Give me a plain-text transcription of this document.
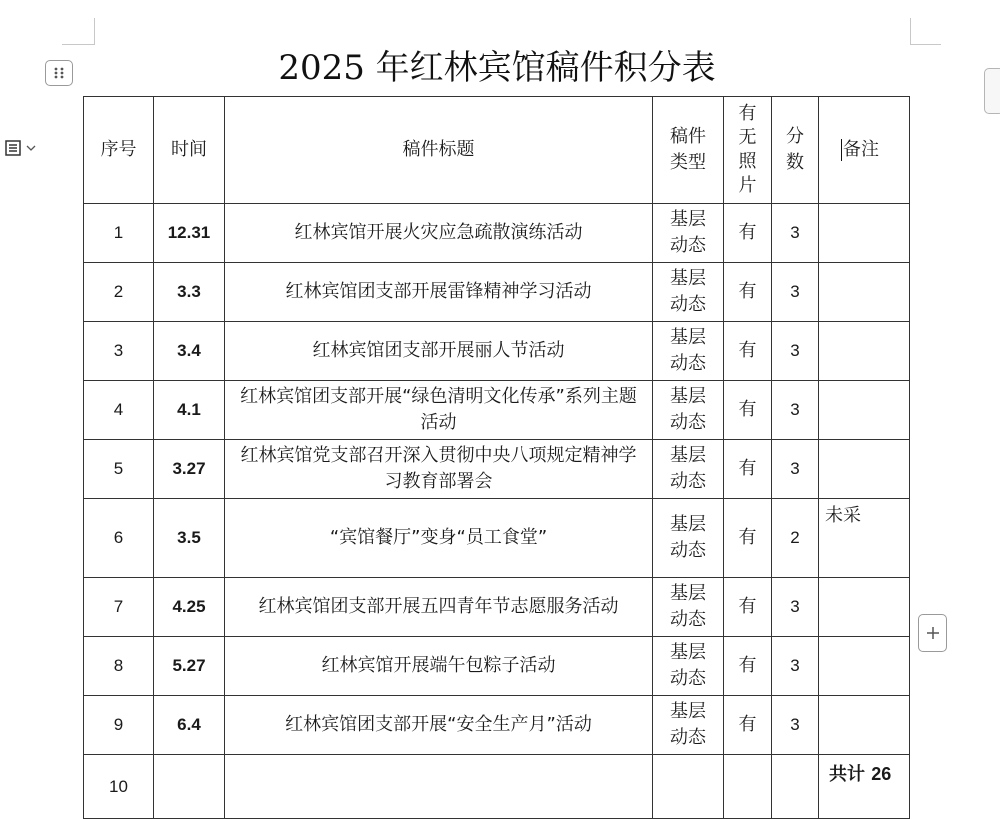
2025 年红林宾馆稿件积分表
序号	时间	稿件标题	稿件类型	有无照片	分数	备注
1	12.31	红林宾馆开展火灾应急疏散演练活动	基层动态	有	3	
2	3.3	红林宾馆团支部开展雷锋精神学习活动	基层动态	有	3	
3	3.4	红林宾馆团支部开展丽人节活动	基层动态	有	3	
4	4.1	红林宾馆团支部开展“绿色清明文化传承”系列主题活动	基层动态	有	3	
5	3.27	红林宾馆党支部召开深入贯彻中央八项规定精神学习教育部署会	基层动态	有	3	
6	3.5	“宾馆餐厅”变身“员工食堂”	基层动态	有	2	未采

7	4.25	红林宾馆团支部开展五四青年节志愿服务活动	基层动态	有	3	
8	5.27	红林宾馆开展端午包粽子活动	基层动态	有	3	
9	6.4	红林宾馆团支部开展“安全生产月”活动	基层动态	有	3	
10						共计 26
